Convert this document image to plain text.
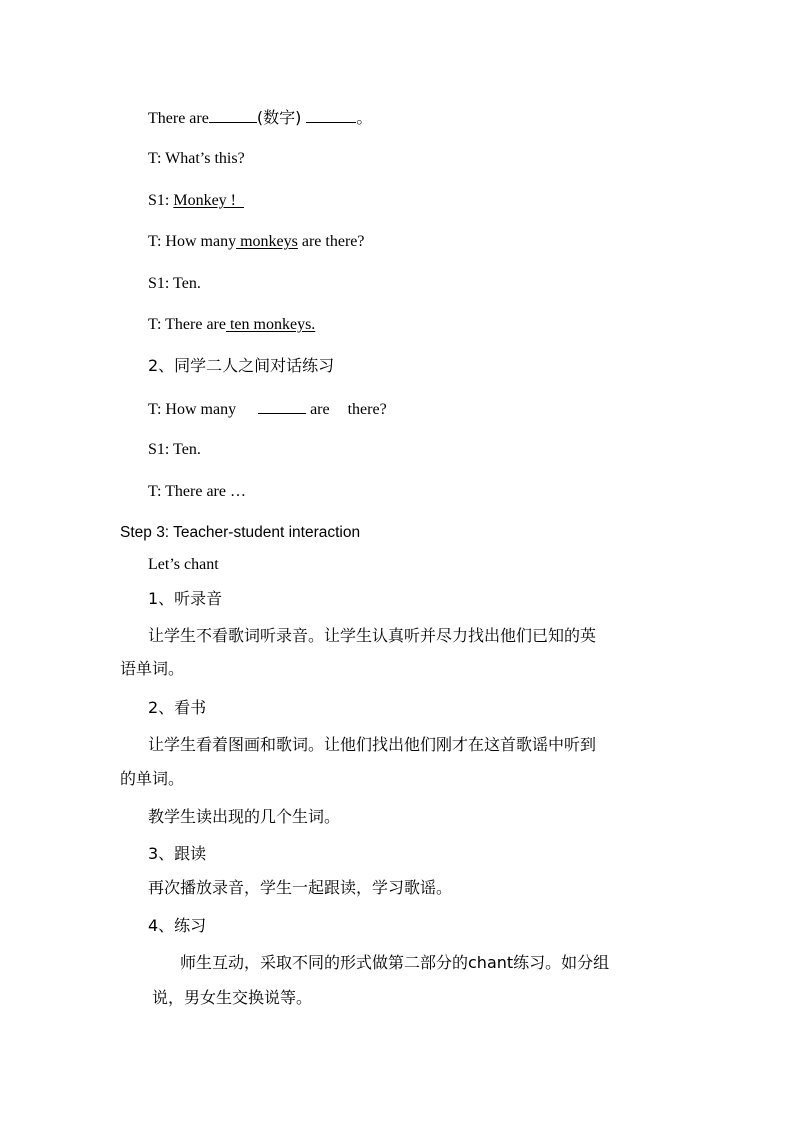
There are	(数字)	。
T: What’s this?
S1: Monkey !
T: How many monkeys are there?
S1: Ten.
T: There are ten monkeys.
2、同学二人之间对话练习
T: How many	are there?
S1: Ten.
T: There are …
Step 3: Teacher-student interaction
Let’s chant
1、听录音
让学生不看歌词听录音。让学生认真听并尽力找出他们已知的英
语单词。
2、看书
让学生看着图画和歌词。让他们找出他们刚才在这首歌谣中听到
的单词。
教学生读出现的几个生词。
3、跟读
再次播放录音，学生一起跟读，学习歌谣。
4、练习
师生互动，采取不同的形式做第二部分的chant练习。如分组
说，男女生交换说等。
